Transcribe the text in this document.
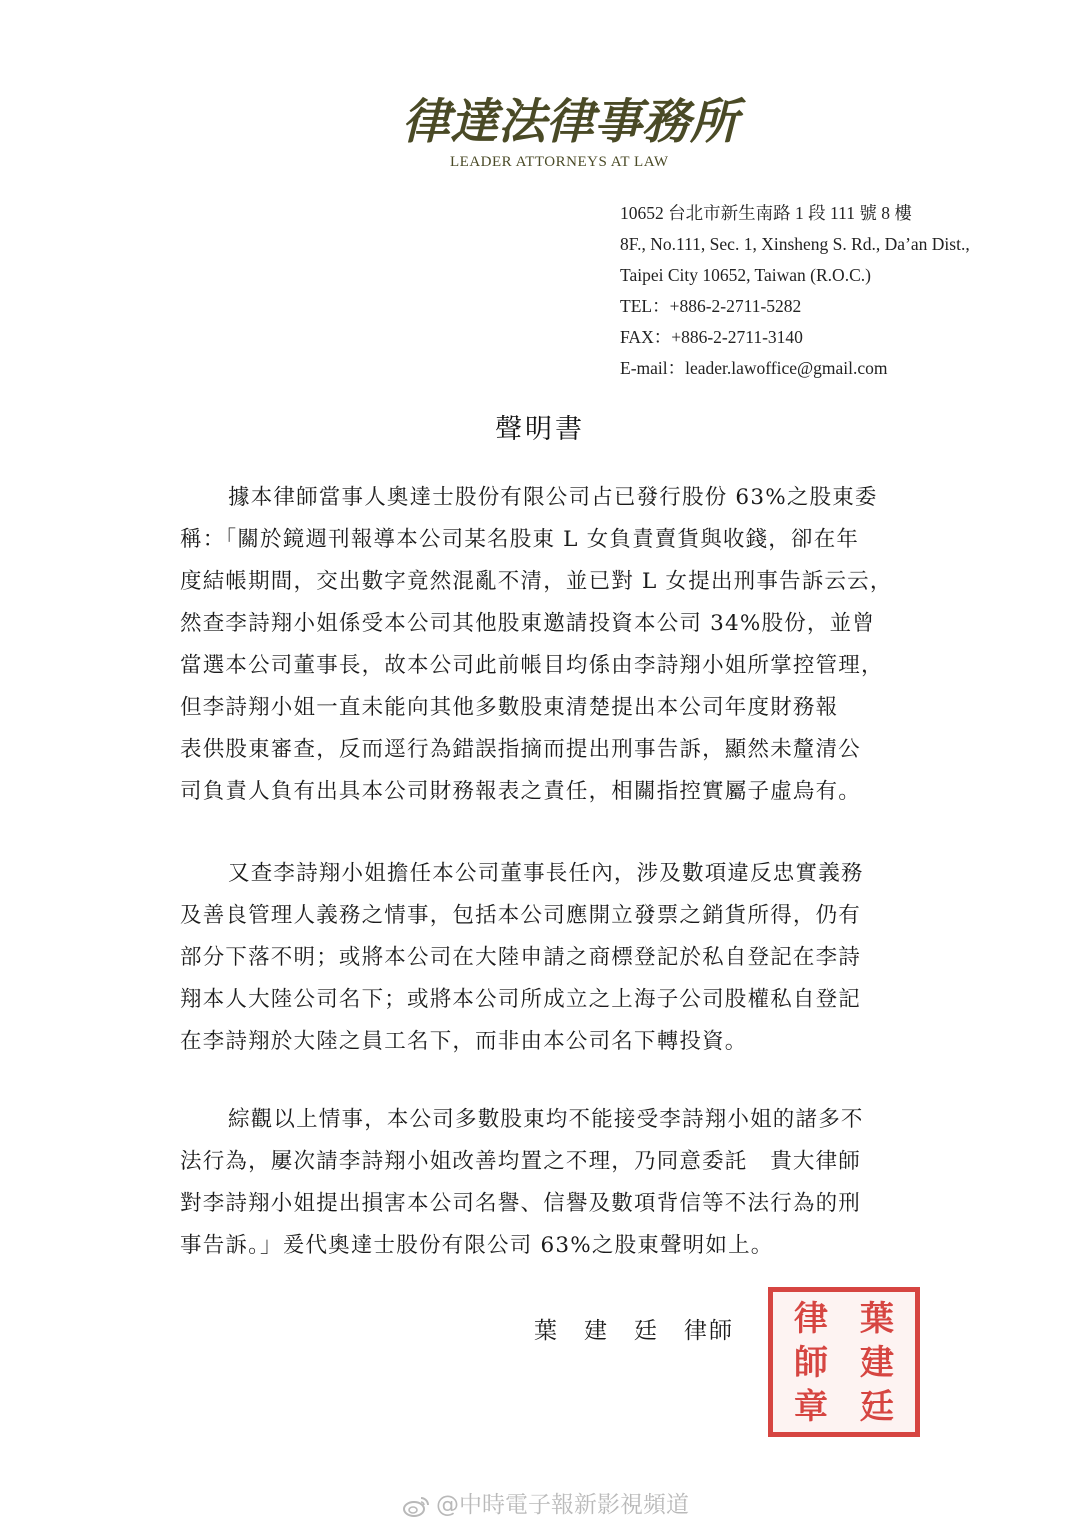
律達法律事務所
LEADER ATTORNEYS AT LAW
10652 台北市新生南路 1 段 111 號 8 樓
8F., No.111, Sec. 1, Xinsheng S. Rd., Da’an Dist.,
Taipei City 10652, Taiwan (R.O.C.)
TEL：+886-2-2711-5282
FAX：+886-2-2711-3140
E-mail：leader.lawoffice@gmail.com
聲明書
據本律師當事人奧達士股份有限公司占已發行股份 63%之股東委
稱：「關於鏡週刊報導本公司某名股東 L 女負責賣貨與收錢，卻在年
度結帳期間，交出數字竟然混亂不清，並已對 L 女提出刑事告訴云云，
然查李詩翔小姐係受本公司其他股東邀請投資本公司 34%股份，並曾
當選本公司董事長，故本公司此前帳目均係由李詩翔小姐所掌控管理，
但李詩翔小姐一直未能向其他多數股東清楚提出本公司年度財務報
表供股東審查，反而逕行為錯誤指摘而提出刑事告訴，顯然未釐清公
司負責人負有出具本公司財務報表之責任，相關指控實屬子虛烏有。
又查李詩翔小姐擔任本公司董事長任內，涉及數項違反忠實義務
及善良管理人義務之情事，包括本公司應開立發票之銷貨所得，仍有
部分下落不明；或將本公司在大陸申請之商標登記於私自登記在李詩
翔本人大陸公司名下；或將本公司所成立之上海子公司股權私自登記
在李詩翔於大陸之員工名下，而非由本公司名下轉投資。
綜觀以上情事，本公司多數股東均不能接受李詩翔小姐的諸多不
法行為，屢次請李詩翔小姐改善均置之不理，乃同意委託　貴大律師
對李詩翔小姐提出損害本公司名譽、信譽及數項背信等不法行為的刑
事告訴。」爰代奧達士股份有限公司 63%之股東聲明如上。
葉　建　廷　律師	律 葉
師 建
章 廷
@中時電子報新影視頻道
